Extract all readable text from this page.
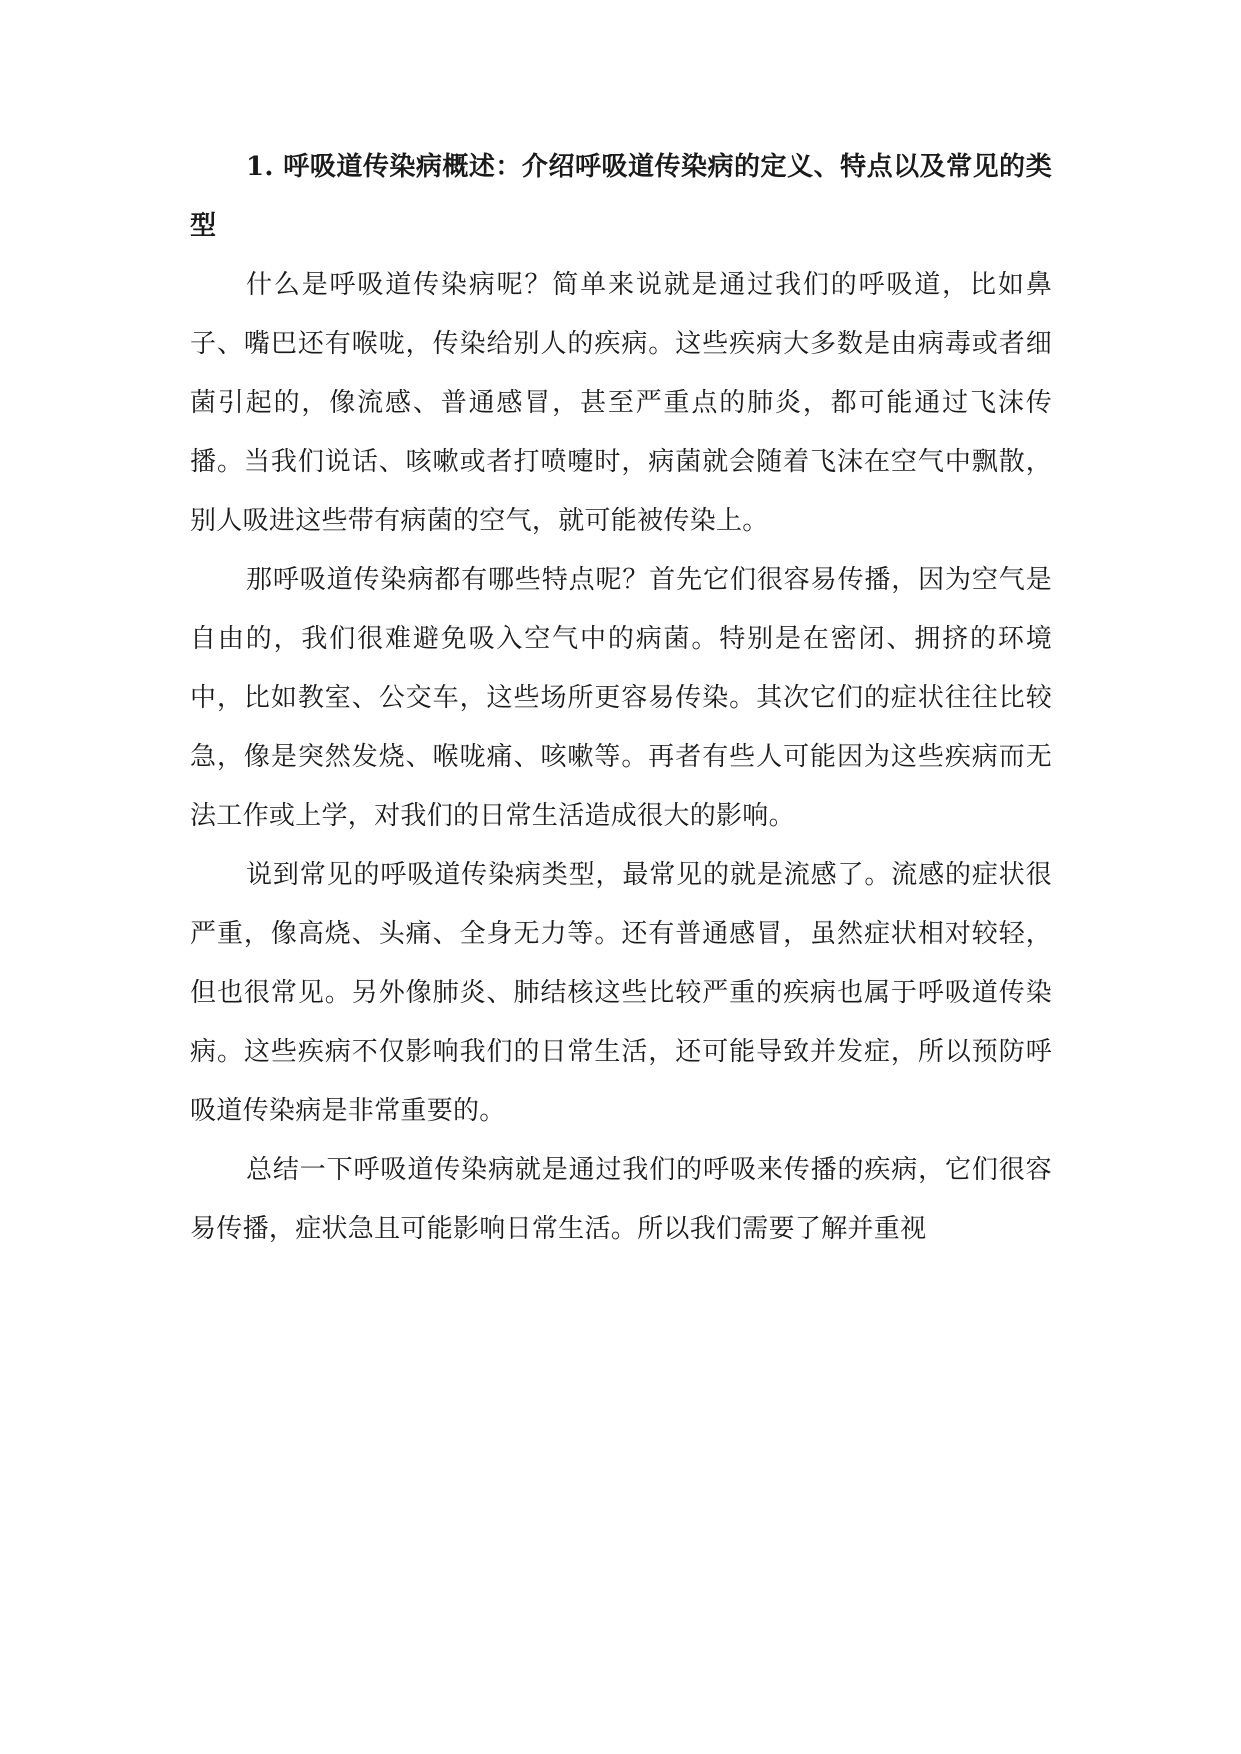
1. 呼吸道传染病概述：介绍呼吸道传染病的定义、特点以及常见的类型

什么是呼吸道传染病呢？简单来说就是通过我们的呼吸道，比如鼻子、嘴巴还有喉咙，传染给别人的疾病。这些疾病大多数是由病毒或者细菌引起的，像流感、普通感冒，甚至严重点的肺炎，都可能通过飞沫传播。当我们说话、咳嗽或者打喷嚏时，病菌就会随着飞沫在空气中飘散，别人吸进这些带有病菌的空气，就可能被传染上。

那呼吸道传染病都有哪些特点呢？首先它们很容易传播，因为空气是自由的，我们很难避免吸入空气中的病菌。特别是在密闭、拥挤的环境中，比如教室、公交车，这些场所更容易传染。其次它们的症状往往比较急，像是突然发烧、喉咙痛、咳嗽等。再者有些人可能因为这些疾病而无法工作或上学，对我们的日常生活造成很大的影响。

说到常见的呼吸道传染病类型，最常见的就是流感了。流感的症状很严重，像高烧、头痛、全身无力等。还有普通感冒，虽然症状相对较轻，但也很常见。另外像肺炎、肺结核这些比较严重的疾病也属于呼吸道传染病。这些疾病不仅影响我们的日常生活，还可能导致并发症，所以预防呼吸道传染病是非常重要的。

总结一下呼吸道传染病就是通过我们的呼吸来传播的疾病，它们很容易传播，症状急且可能影响日常生活。所以我们需要了解并重视
